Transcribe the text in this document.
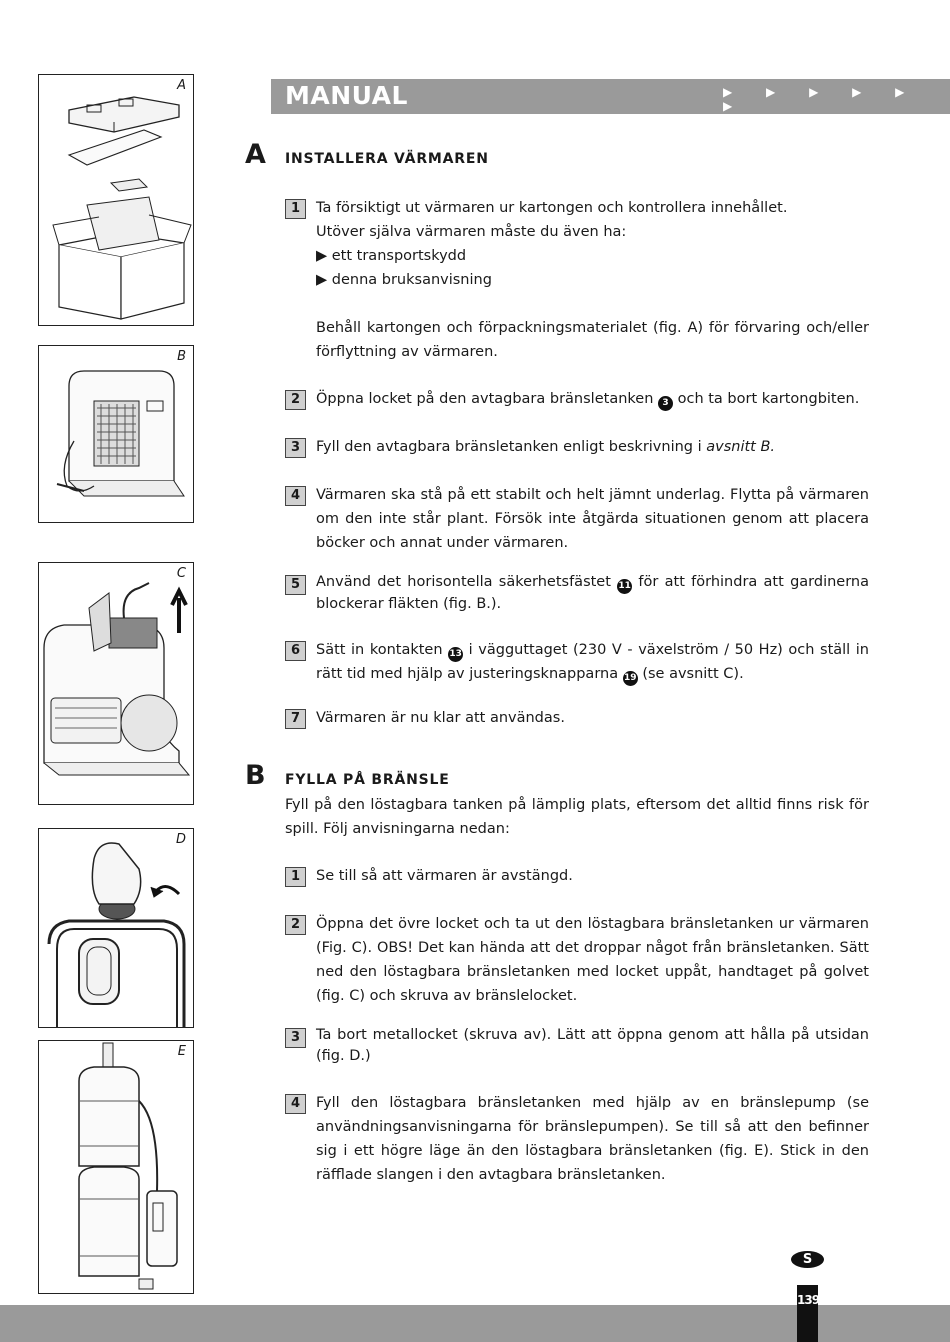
A
B
C
D
E
MANUAL	▶ ▶ ▶ ▶ ▶ ▶
A INSTALLERA VÄRMAREN
1	Ta försiktigt ut värmaren ur kartongen och kontrollera innehållet.

Utöver själva värmaren måste du även ha:

▶ ett transportskydd

▶ denna bruksanvisning

Behåll kartongen och förpackningsmaterialet (fig. A) för förvaring och/eller förflyttning av värmaren.

2	Öppna locket på den avtagbara bränsletanken 3 och ta bort kartongbiten.
3	Fyll den avtagbara bränsletanken enligt beskrivning i avsnitt B.
4	Värmaren ska stå på ett stabilt och helt jämnt underlag. Flytta på värmaren om den inte står plant. Försök inte åtgärda situationen genom att placera böcker och annat under värmaren.
5	Använd det horisontella säkerhetsfästet 11 för att förhindra att gardinerna blockerar fläkten (fig. B.).
6	Sätt in kontakten 13 i vägguttaget (230 V - växelström / 50 Hz) och ställ in rätt tid med hjälp av justeringsknapparna 19 (se avsnitt C).
7	Värmaren är nu klar att användas.
B FYLLA PÅ BRÄNSLE
Fyll på den löstagbara tanken på lämplig plats, eftersom det alltid finns risk för spill. Följ anvisningarna nedan:
1	Se till så att värmaren är avstängd.
2	Öppna det övre locket och ta ut den löstagbara bränsletanken ur värmaren (Fig. C). OBS! Det kan hända att det droppar något från bränsletanken. Sätt ned den löstagbara bränsletanken med locket uppåt, handtaget på golvet (fig. C) och skruva av bränslelocket.
3	Ta bort metallocket (skruva av). Lätt att öppna genom att hålla på utsidan (fig. D.)
4	Fyll den löstagbara bränsletanken med hjälp av en bränslepump (se användningsanvisningarna för bränslepumpen). Se till så att den befinner sig i ett högre läge än den löstagbara bränsletanken (fig. E). Stick in den räfflade slangen i den avtagbara bränsletanken.
S
139
